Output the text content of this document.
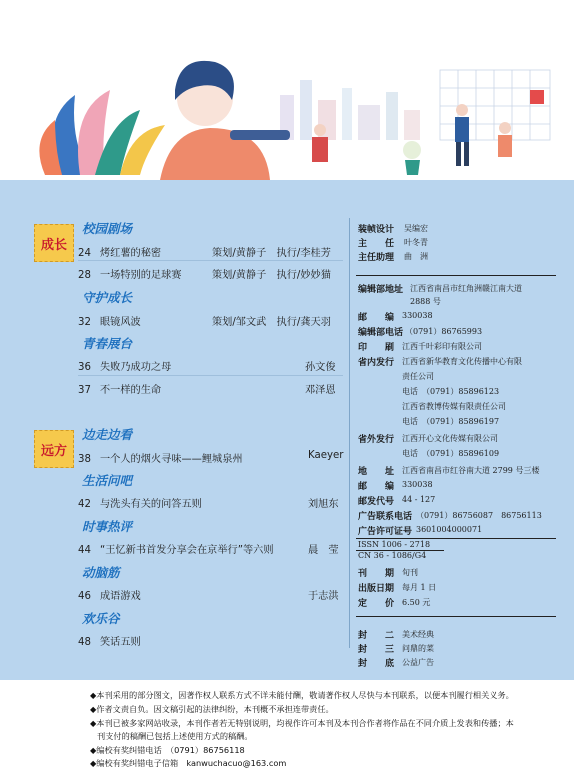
成长
远方
校园剧场
24 烤红薯的秘密	策划/黄静子　执行/李桂芳
28 一场特别的足球赛	策划/黄静子　执行/妙妙猫
守护成长
32 眼镜风波	策划/邹文武　执行/龚天羽
青春展台
36 失败乃成功之母	孙文俊
37 不一样的生命	邓泽恩
边走边看
38 一个人的烟火寻味——鲤城泉州	Kaeyer
生活问吧
42 与洗头有关的问答五则	刘旭东
时事热评
44 “王忆新书首发分享会在京举行”等六则	晨　莹
动脑筋
46 成语游戏	于志洪
欢乐谷
48 笑话五则
装帧设计 吴编宏
主　　任 叶冬青
主任助理 曲　洲
编辑部地址 江西省南昌市红角洲赣江南大道
2888 号
邮　　编 330038
编辑部电话 （0791）86765993
印　　刷 江西千叶彩印有限公司
省内发行 江西省新华教育文化传播中心有限
责任公司
电话　（0791）85896123
江西省教博传媒有限责任公司
电话　（0791）85896197
省外发行 江西开心文化传媒有限公司
电话　（0791）85896109
地　　址 江西省南昌市红谷南大道 2799 号三楼
邮　　编 330038
邮发代号 44 - 127
广告联系电话 （0791）86756087　86756113
广告许可证号 3601004000071
ISSN 1006 - 2718
CN 36 - 1086/G4
刊　　期 旬刊
出版日期 每月 1 日
定　　价 6.50 元
封　　二 美术经典
封　　三 问鼎的菜
封　　底 公益广告
◆本刊采用的部分图文，因著作权人联系方式不详未能付酬，敬请著作权人尽快与本刊联系，以便本刊履行相关义务。
◆作者文责自负。因文稿引起的法律纠纷，本刊概不承担连带责任。
◆本刊已被多家网站收录，本刊作者若无特别说明，均视作许可本刊及本刊合作者将作品在不同介质上发表和传播；本
刊支付的稿酬已包括上述使用方式的稿酬。
◆编校有奖纠错电话　（0791）86756118
◆编校有奖纠错电子信箱　kanwuchacuo@163.com
